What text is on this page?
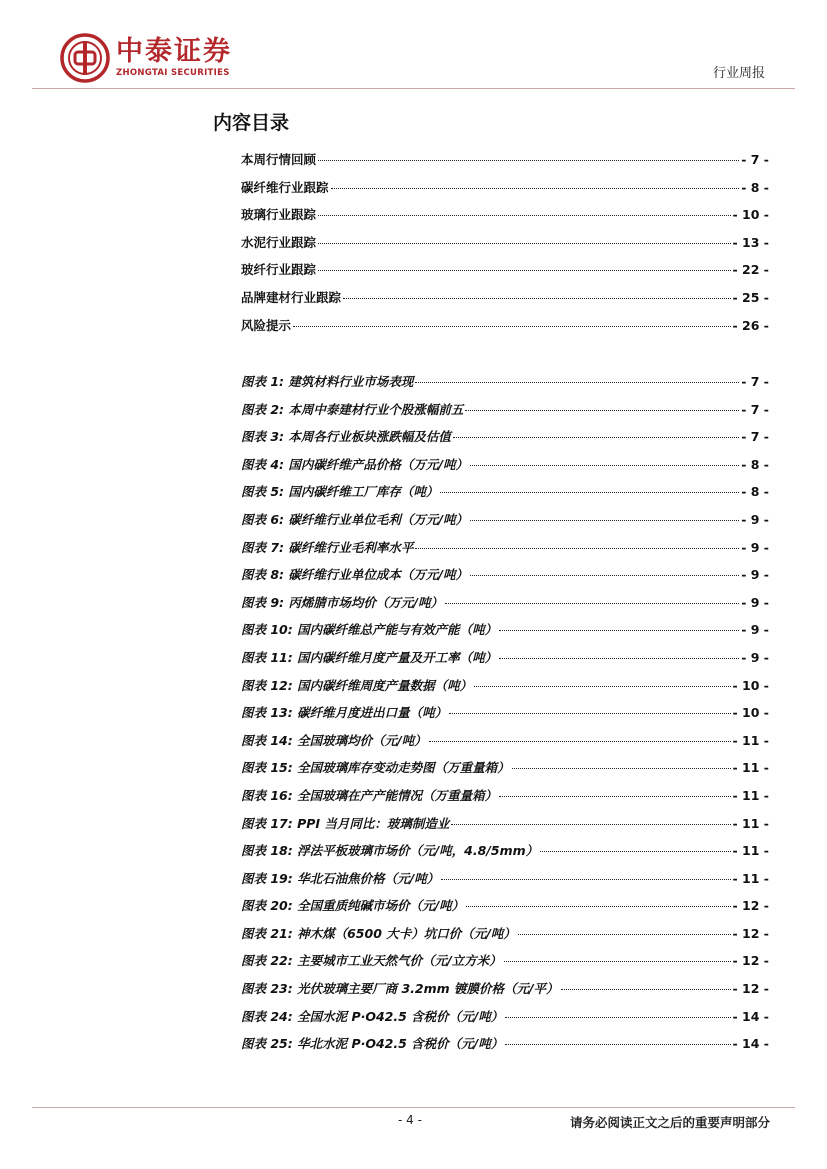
中泰证券
ZHONGTAI SECURITIES	行业周报
内容目录
本周行情回顾	- 7 -
碳纤维行业跟踪	- 8 -
玻璃行业跟踪	- 10 -
水泥行业跟踪	- 13 -
玻纤行业跟踪	- 22 -
品牌建材行业跟踪	- 25 -
风险提示	- 26 -
图表 1: 建筑材料行业市场表现	- 7 -
图表 2: 本周中泰建材行业个股涨幅前五	- 7 -
图表 3: 本周各行业板块涨跌幅及估值	- 7 -
图表 4: 国内碳纤维产品价格（万元/吨）	- 8 -
图表 5: 国内碳纤维工厂库存（吨）	- 8 -
图表 6: 碳纤维行业单位毛利（万元/吨）	- 9 -
图表 7: 碳纤维行业毛利率水平	- 9 -
图表 8: 碳纤维行业单位成本（万元/吨）	- 9 -
图表 9: 丙烯腈市场均价（万元/吨）	- 9 -
图表 10: 国内碳纤维总产能与有效产能（吨）	- 9 -
图表 11: 国内碳纤维月度产量及开工率（吨）	- 9 -
图表 12: 国内碳纤维周度产量数据（吨）	- 10 -
图表 13: 碳纤维月度进出口量（吨）	- 10 -
图表 14: 全国玻璃均价（元/吨）	- 11 -
图表 15: 全国玻璃库存变动走势图（万重量箱）	- 11 -
图表 16: 全国玻璃在产产能情况（万重量箱）	- 11 -
图表 17: PPI 当月同比：玻璃制造业	- 11 -
图表 18: 浮法平板玻璃市场价（元/吨，4.8/5mm）	- 11 -
图表 19: 华北石油焦价格（元/吨）	- 11 -
图表 20: 全国重质纯碱市场价（元/吨）	- 12 -
图表 21: 神木煤（6500 大卡）坑口价（元/吨）	- 12 -
图表 22: 主要城市工业天然气价（元/立方米）	- 12 -
图表 23: 光伏玻璃主要厂商 3.2mm 镀膜价格（元/平）	- 12 -
图表 24: 全国水泥 P·O42.5 含税价（元/吨）	- 14 -
图表 25: 华北水泥 P·O42.5 含税价（元/吨）	- 14 -
- 4 -	请务必阅读正文之后的重要声明部分
